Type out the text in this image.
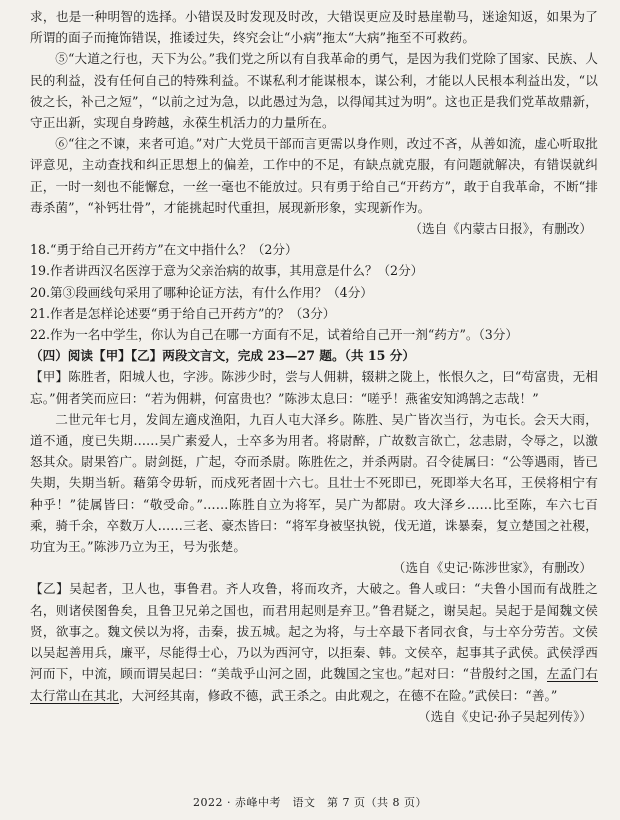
求，也是一种明智的选择。小错误及时发现及时改，大错误更应及时悬崖勒马，迷途知返，如果为了所谓的面子而掩饰错误，推诿过失，终究会让“小病”拖太“大病”拖至不可救药。

⑤“大道之行也，天下为公。”我们党之所以有自我革命的勇气，是因为我们党除了国家、民族、人民的利益，没有任何自己的特殊利益。不谋私利才能谋根本，谋公利，才能以人民根本利益出发，“以彼之长，补己之短”，“以前之过为急，以此愚过为急，以得闻其过为明”。这也正是我们党革故鼎新，守正出新，实现自身跨越，永葆生机活力的力量所在。

⑥“往之不谏，来者可追。”对广大党员干部而言更需以身作则，改过不吝，从善如流，虚心听取批评意见，主动查找和纠正思想上的偏差，工作中的不足，有缺点就克服，有问题就解决，有错误就纠正，一时一刻也不能懈怠，一丝一毫也不能放过。只有勇于给自己“开药方”，敢于自我革命，不断“排毒杀菌”，“补钙壮骨”，才能挑起时代重担，展现新形象，实现新作为。

（选自《内蒙古日报》，有删改）

18.“勇于给自己开药方”在文中指什么？（2分）

19.作者讲西汉名医淳于意为父亲治病的故事，其用意是什么？（2分）

20.第③段画线句采用了哪种论证方法，有什么作用？（4分）

21.作者是怎样论述要“勇于给自己开药方”的？（3分）

22.作为一名中学生，你认为自己在哪一方面有不足，试着给自己开一剂“药方”。（3分）

（四）阅读【甲】【乙】两段文言文，完成 23—27 题。（共 15 分）

【甲】陈胜者，阳城人也，字涉。陈涉少时，尝与人佣耕，辍耕之陇上，怅恨久之，曰“苟富贵，无相忘。”佣者笑而应曰：“若为佣耕，何富贵也？”陈涉太息曰：“嗟乎！燕雀安知鸿鹄之志哉！”

二世元年七月，发闾左適戍渔阳，九百人屯大泽乡。陈胜、吴广皆次当行，为屯长。会天大雨，道不通，度已失期……吴广素爱人，士卒多为用者。将尉醉，广故数言欲亡，忿恚尉，令辱之，以激怒其众。尉果笞广。尉剑挺，广起，夺而杀尉。陈胜佐之，并杀两尉。召令徒属曰：“公等遇雨，皆已失期，失期当斩。藉第令毋斩，而戍死者固十六七。且壮士不死即已，死即举大名耳，王侯将相宁有种乎！”徒属皆曰：“敬受命。”……陈胜自立为将军，吴广为都尉。攻大泽乡……比至陈，车六七百乘，骑千余，卒数万人……三老、豪杰皆曰：“将军身被坚执锐，伐无道，诛暴秦，复立楚国之社稷，功宜为王。”陈涉乃立为王，号为张楚。

（选自《史记·陈涉世家》，有删改）

【乙】吴起者，卫人也，事鲁君。齐人攻鲁，将而攻齐，大破之。鲁人或曰：“夫鲁小国而有战胜之名，则诸侯图鲁矣，且鲁卫兄弟之国也，而君用起则是弃卫。”鲁君疑之，谢吴起。吴起于是闻魏文侯贤，欲事之。魏文侯以为将，击秦，拔五城。起之为将，与士卒最下者同衣食，与士卒分劳苦。文侯以吴起善用兵，廉平，尽能得士心，乃以为西河守，以拒秦、韩。文侯卒，起事其子武侯。武侯浮西河而下，中流，顾而谓吴起曰：“美哉乎山河之固，此魏国之宝也。”起对曰：“昔殷纣之国，左孟门右太行常山在其北，大河经其南，修政不德，武王杀之。由此观之，在德不在险。”武侯曰：“善。”

（选自《史记·孙子吴起列传》）

2022 · 赤峰中考　语文　第 7 页（共 8 页）
